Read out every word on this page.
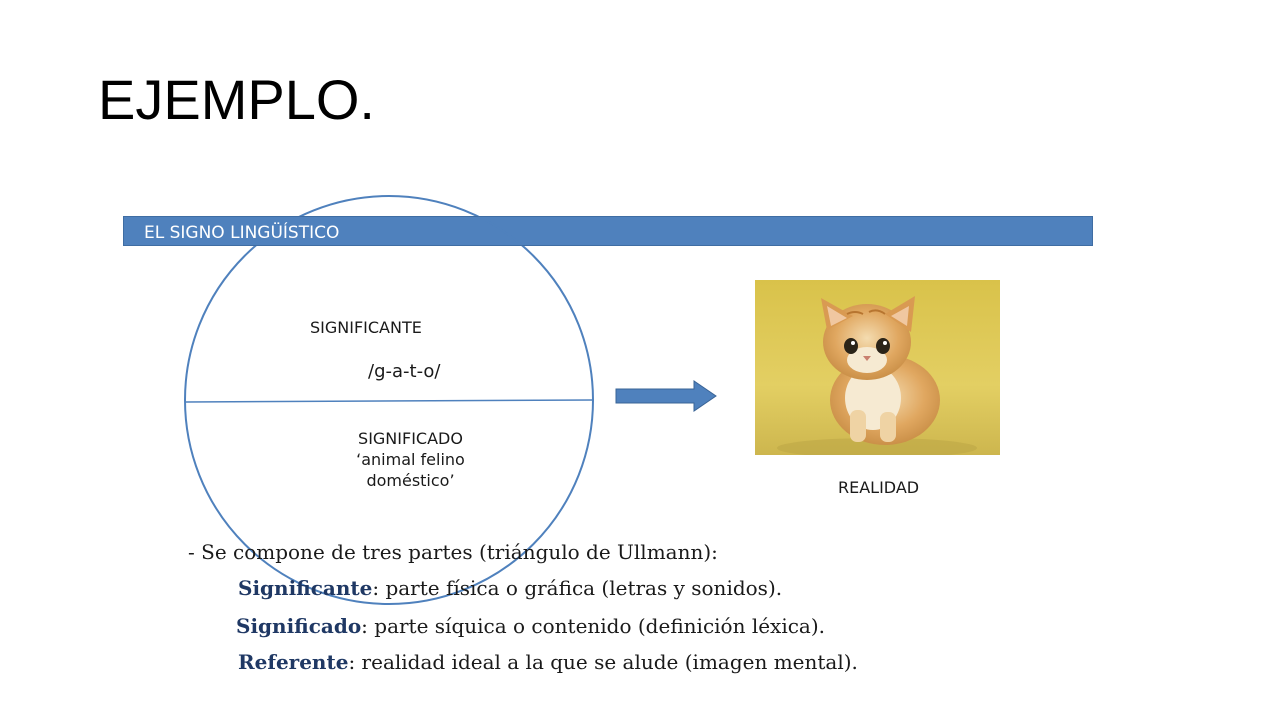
EJEMPLO.
EL SIGNO LINGÜÍSTICO
SIGNIFICANTE
/g-a-t-o/
SIGNIFICADO
‘animal felino
doméstico’	REALIDAD
- Se compone de tres partes (triángulo de Ullmann):
Significante: parte física o gráfica (letras y sonidos).
Significado: parte síquica o contenido (definición léxica).
Referente: realidad ideal a la que se alude (imagen mental).
